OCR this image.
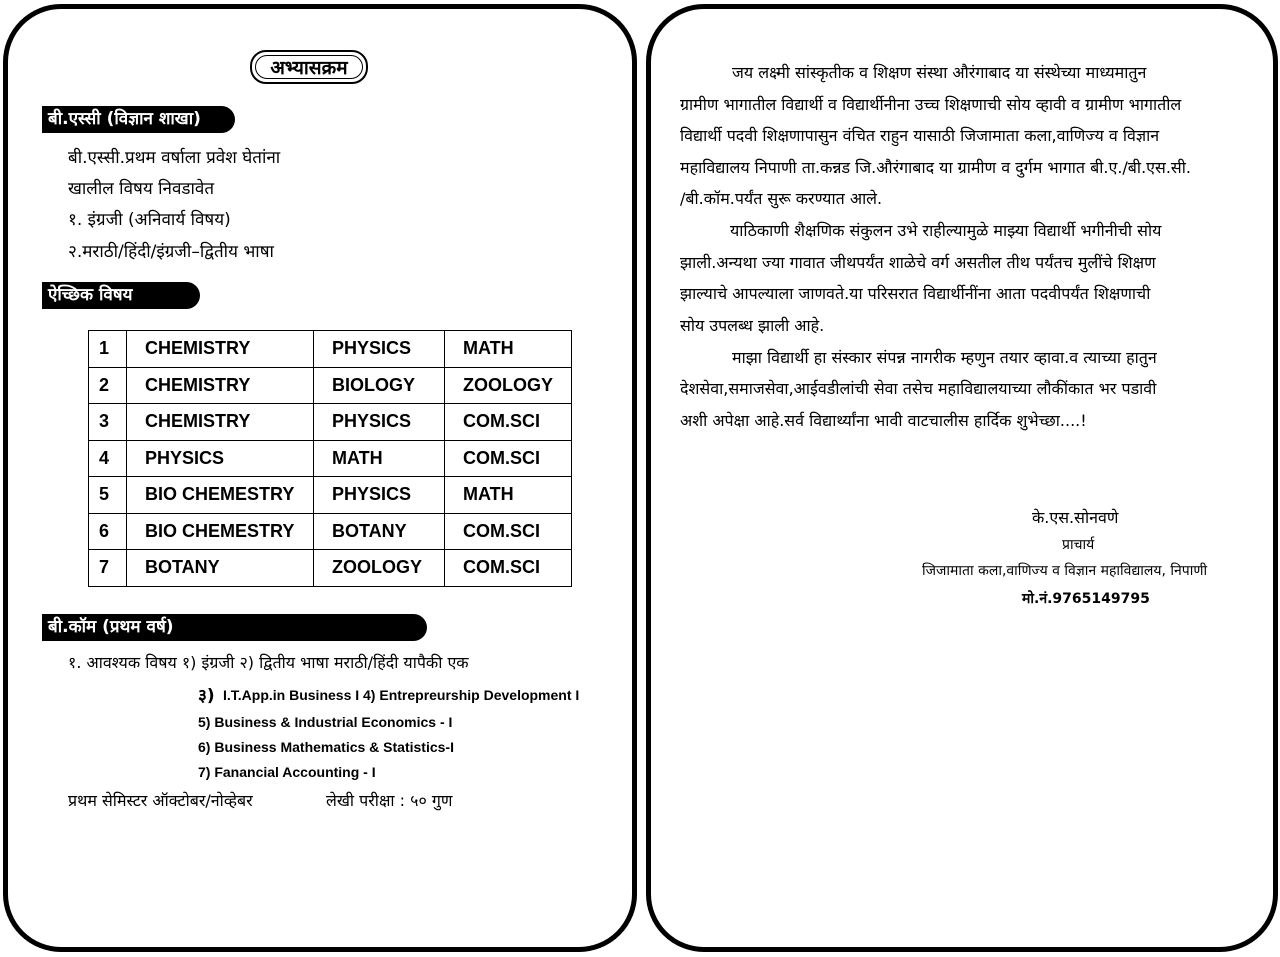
अभ्यासक्रम
बी.एस्सी (विज्ञान शाखा)
बी.एस्सी.प्रथम वर्षाला प्रवेश घेतांना
खालील विषय निवडावेत
१. इंग्रजी (अनिवार्य विषय)
२.मराठी/हिंदी/इंग्रजी–द्वितीय भाषा
ऐच्छिक विषय
1	CHEMISTRY	PHYSICS	MATH
2	CHEMISTRY	BIOLOGY	ZOOLOGY
3	CHEMISTRY	PHYSICS	COM.SCI
4	PHYSICS	MATH	COM.SCI
5	BIO CHEMESTRY	PHYSICS	MATH
6	BIO CHEMESTRY	BOTANY	COM.SCI
7	BOTANY	ZOOLOGY	COM.SCI
बी.कॉम (प्रथम वर्ष)
१. आवश्यक विषय १) इंग्रजी २) द्वितीय भाषा मराठी/हिंदी यापैकी एक
३) I.T.App.in Business I 4) Entrepreurship Development I
5) Business & Industrial Economics - I
6) Business Mathematics & Statistics-I
7) Fanancial Accounting - I
प्रथम सेमिस्टर ऑक्टोबर/नोव्हेबर	लेखी परीक्षा : ५० गुण
जय लक्ष्मी सांस्कृतीक व शिक्षण संस्था औरंगाबाद या संस्थेच्या माध्यमातुन
ग्रामीण भागातील विद्यार्थी व विद्यार्थीनीना उच्च शिक्षणाची सोय व्हावी व ग्रामीण भागातील
विद्यार्थी पदवी शिक्षणापासुन वंचित राहुन यासाठी जिजामाता कला,वाणिज्य व विज्ञान
महाविद्यालय निपाणी ता.कन्नड जि.औरंगाबाद या ग्रामीण व दुर्गम भागात बी.ए./बी.एस.सी.
/बी.कॉम.पर्यंत सुरू करण्यात आले.
याठिकाणी शैक्षणिक संकुलन उभे राहील्यामुळे माझ्या विद्यार्थी भगीनीची सोय
झाली.अन्यथा ज्या गावात जीथपर्यंत शाळेचे वर्ग असतील तीथ पर्यंतच मुलींचे शिक्षण
झाल्याचे आपल्याला जाणवते.या परिसरात विद्यार्थीनींना आता पदवीपर्यंत शिक्षणाची
सोय उपलब्ध झाली आहे.
माझा विद्यार्थी हा संस्कार संपन्न नागरीक म्हणुन तयार व्हावा.व त्याच्या हातुन
देशसेवा,समाजसेवा,आईवडीलांची सेवा तसेच महाविद्यालयाच्या लौकींकात भर पडावी
अशी अपेक्षा आहे.सर्व विद्यार्थ्यांना भावी वाटचालीस हार्दिक शुभेच्छा....!
के.एस.सोनवणे
प्राचार्य
जिजामाता कला,वाणिज्य व विज्ञान महाविद्यालय, निपाणी
मो.नं.9765149795
